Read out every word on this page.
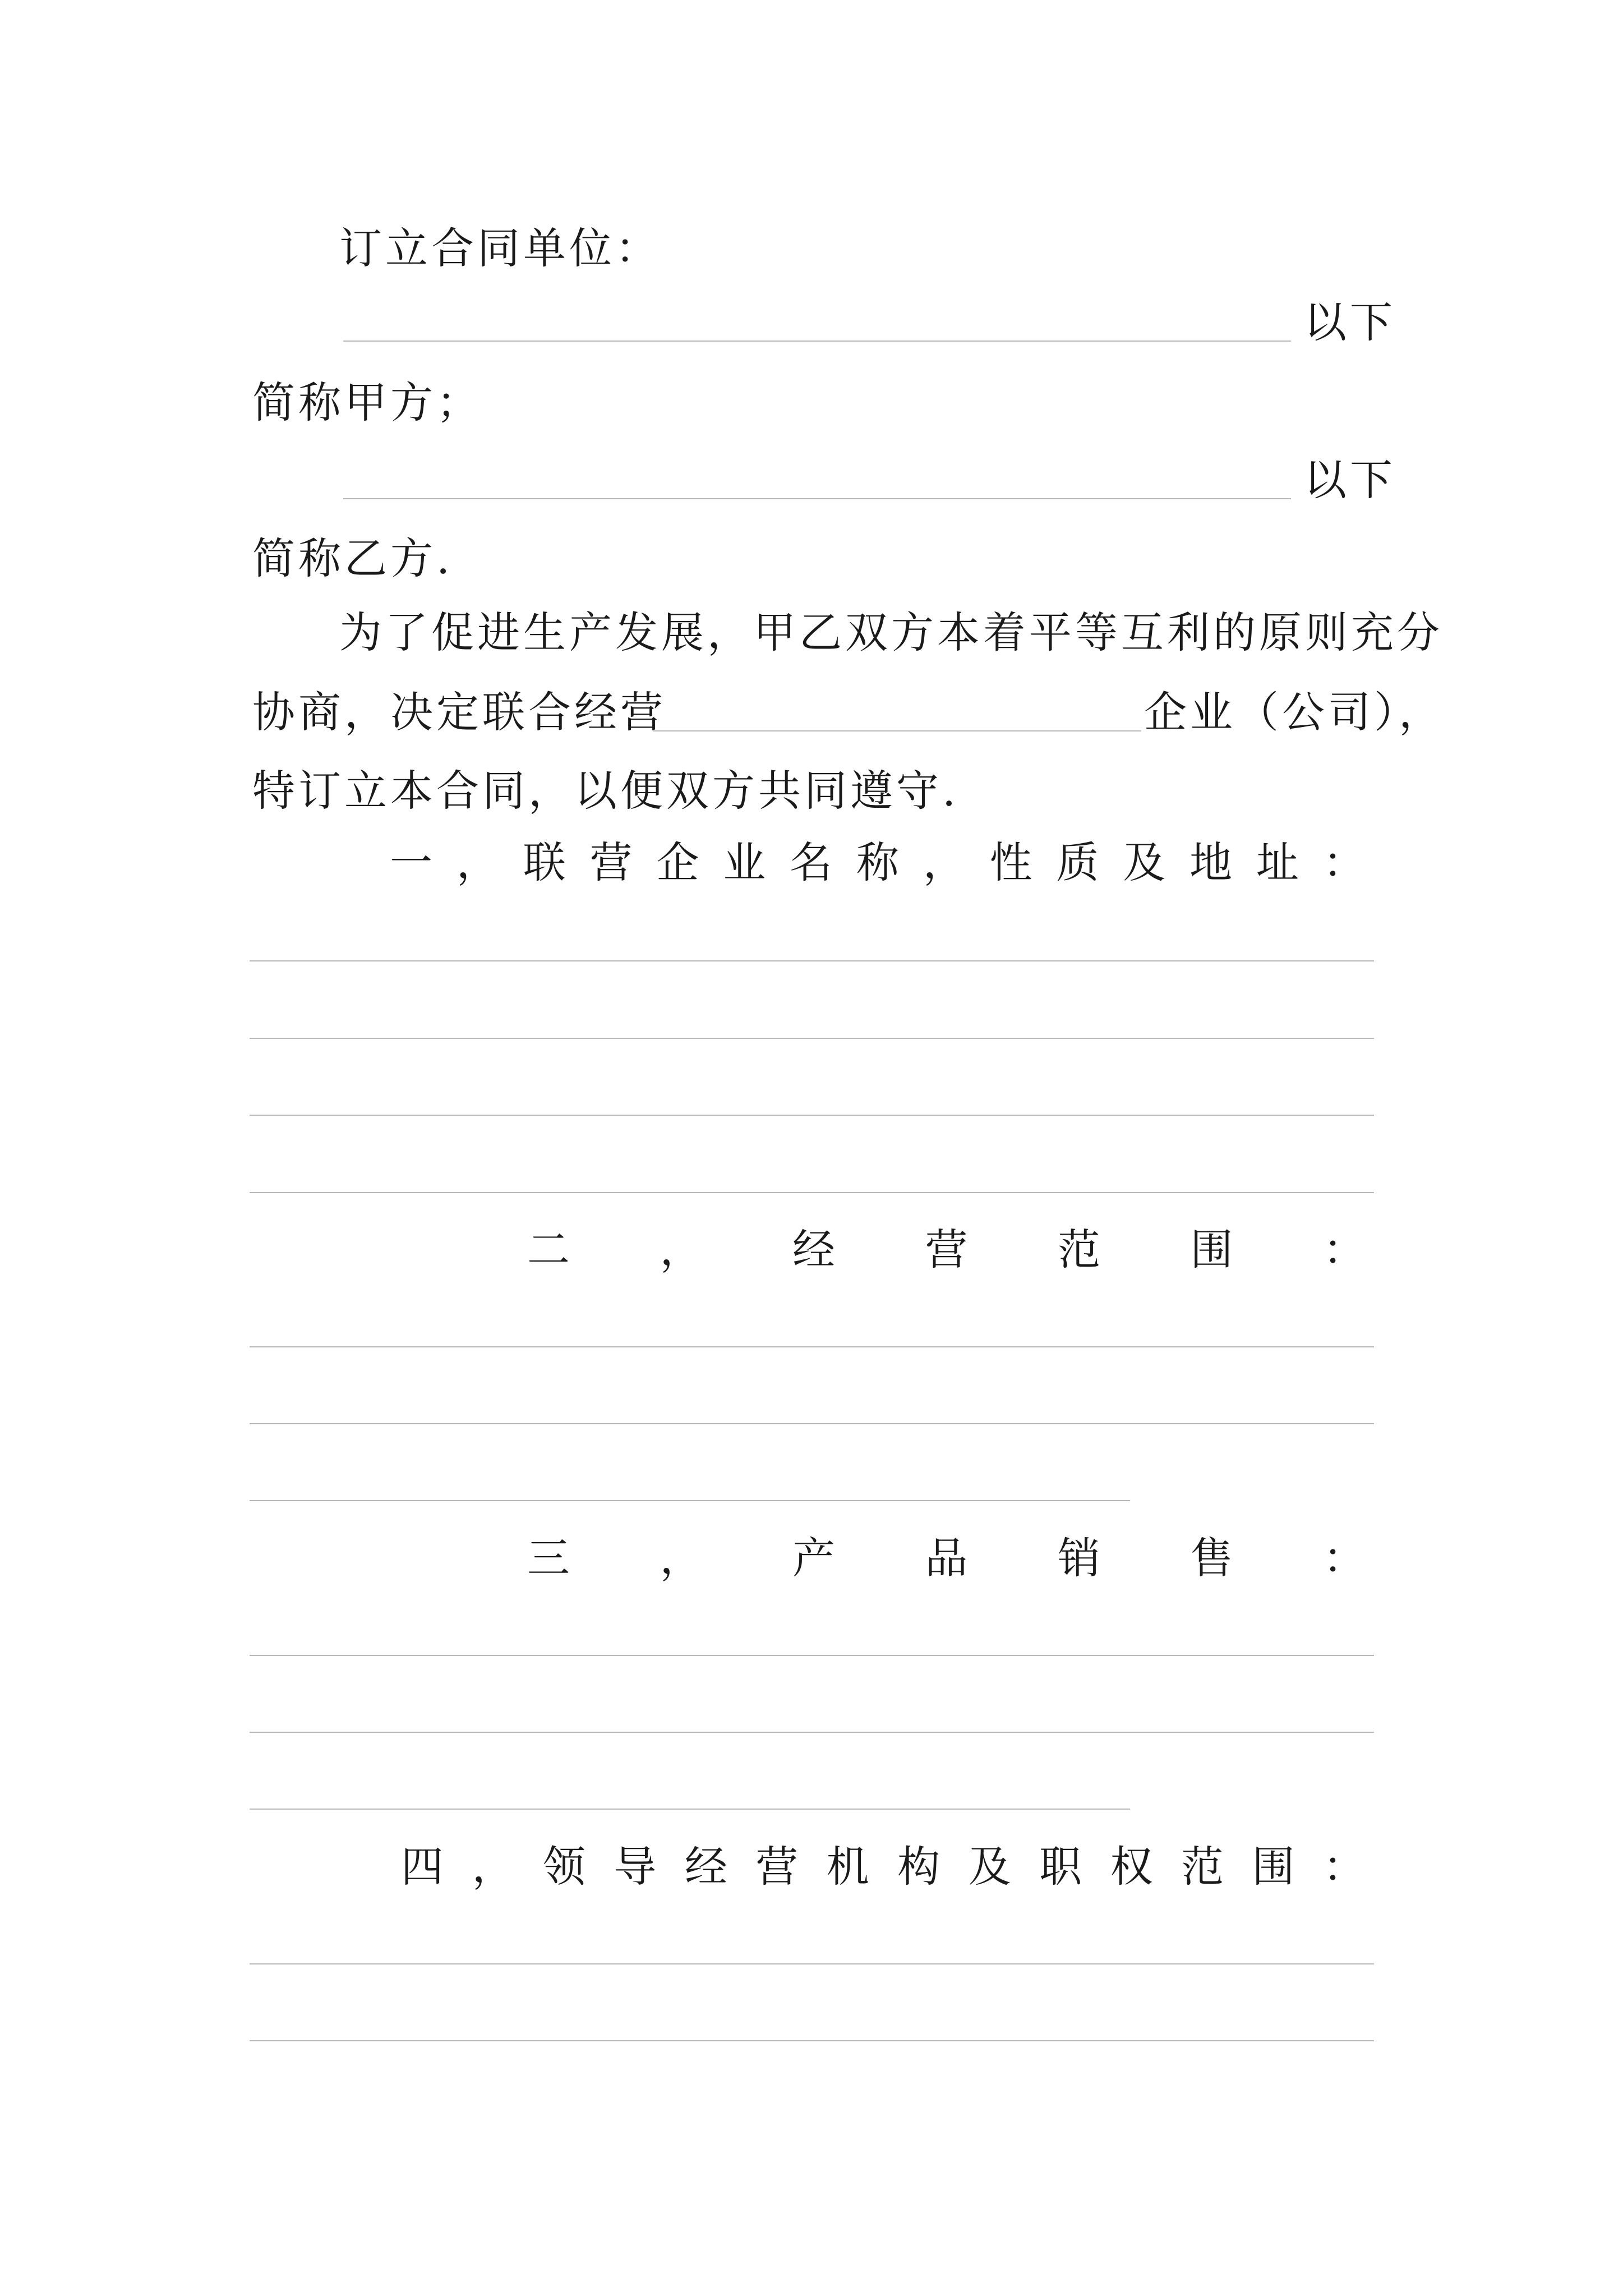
订立合同单位：
以下
简称甲方；
以下
简称乙方.
为了促进生产发展，甲乙双方本着平等互利的原则充分
协商，决定联合经营	企业（公司），
特订立本合同，以便双方共同遵守.
一 ， 联 营 企 业 名 称 ， 性 质 及 地 址 ：
二 ， 经 营 范 围 ：
三 ， 产 品 销 售 ：
四 ， 领 导 经 营 机 构 及 职 权 范 围 ：
